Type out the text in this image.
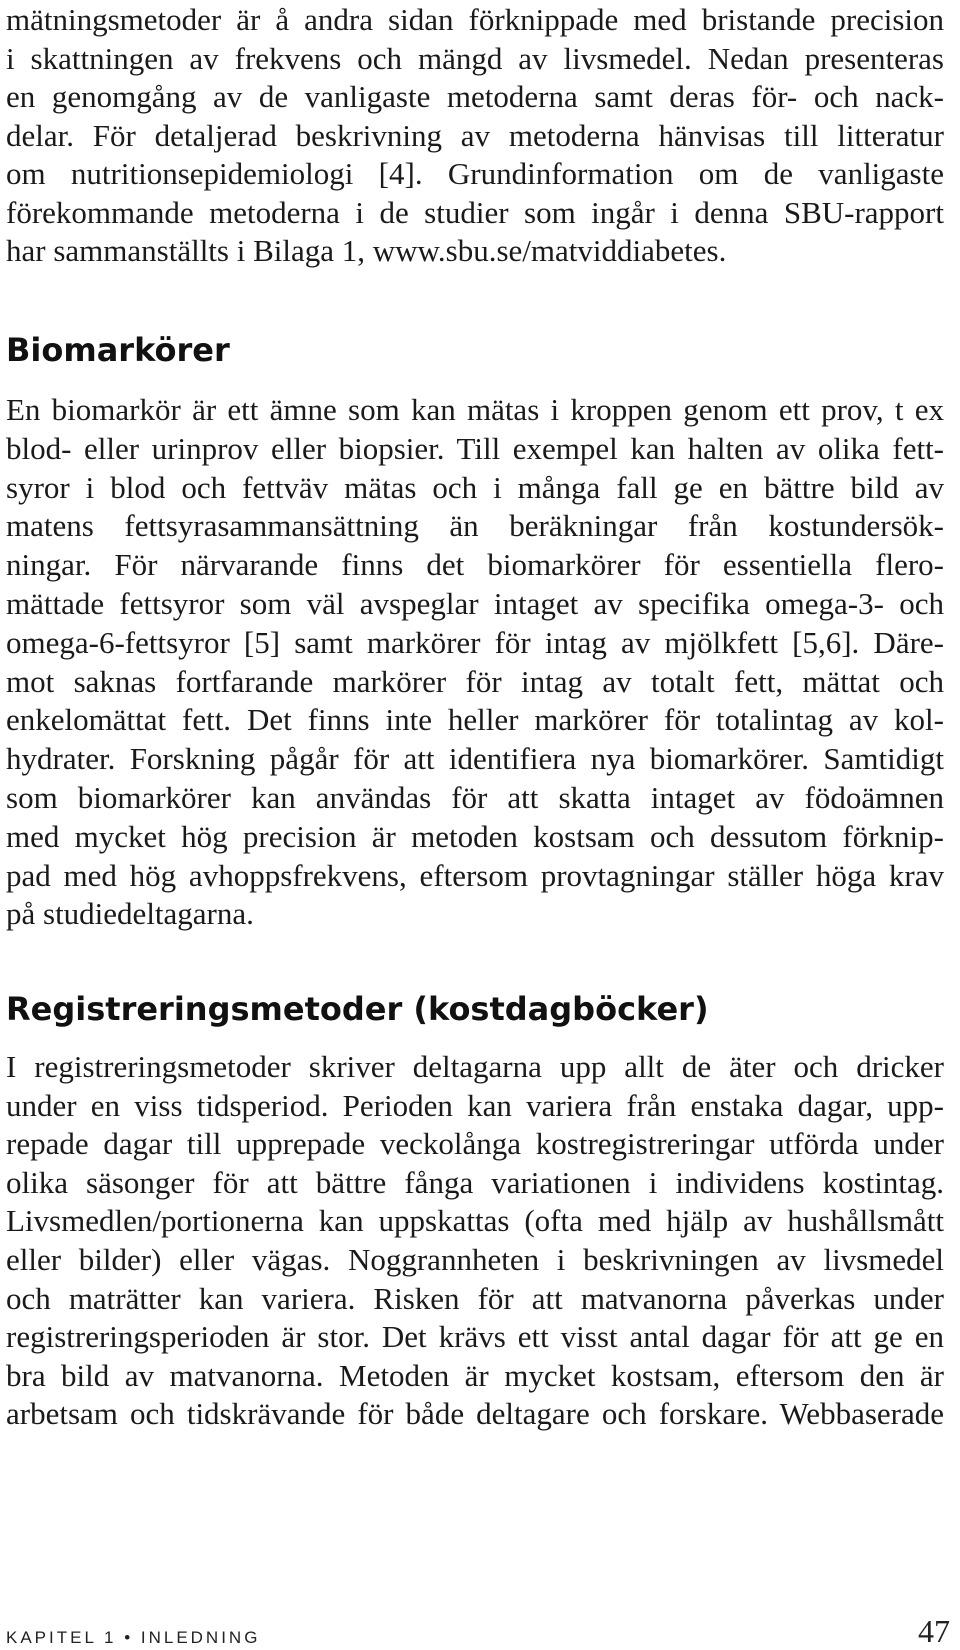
mätningsmetoder är å andra sidan förknippade med bristande precision
i skattningen av frekvens och mängd av livsmedel. Nedan presenteras
en genomgång av de vanligaste metoderna samt deras för- och nack-
delar. För detaljerad beskrivning av metoderna hänvisas till litteratur
om nutritionsepidemiologi [4]. Grundinformation om de vanligaste
förekommande metoderna i de studier som ingår i denna SBU-rapport
har sammanställts i Bilaga 1, www.sbu.se/matviddiabetes.
Biomarkörer
En biomarkör är ett ämne som kan mätas i kroppen genom ett prov, t ex
blod- eller urinprov eller biopsier. Till exempel kan halten av olika fett-
syror i blod och fettväv mätas och i många fall ge en bättre bild av
matens fettsyrasammansättning än beräkningar från kostundersök-
ningar. För närvarande finns det biomarkörer för essentiella flero-
mättade fettsyror som väl avspeglar intaget av specifika omega-3- och
omega-6-fettsyror [5] samt markörer för intag av mjölkfett [5,6]. Däre-
mot saknas fortfarande markörer för intag av totalt fett, mättat och
enkelomättat fett. Det finns inte heller markörer för totalintag av kol-
hydrater. Forskning pågår för att identifiera nya biomarkörer. Samtidigt
som biomarkörer kan användas för att skatta intaget av födoämnen
med mycket hög precision är metoden kostsam och dessutom förknip-
pad med hög avhoppsfrekvens, eftersom provtagningar ställer höga krav
på studiedeltagarna.
Registreringsmetoder (kostdagböcker)
I registreringsmetoder skriver deltagarna upp allt de äter och dricker
under en viss tidsperiod. Perioden kan variera från enstaka dagar, upp-
repade dagar till upprepade veckolånga kostregistreringar utförda under
olika säsonger för att bättre fånga variationen i individens kostintag.
Livsmedlen/portionerna kan uppskattas (ofta med hjälp av hushållsmått
eller bilder) eller vägas. Noggrannheten i beskrivningen av livsmedel
och maträtter kan variera. Risken för att matvanorna påverkas under
registreringsperioden är stor. Det krävs ett visst antal dagar för att ge en
bra bild av matvanorna. Metoden är mycket kostsam, eftersom den är
arbetsam och tidskrävande för både deltagare och forskare. Webbaserade
KAPITEL 1 • INLEDNING	47
